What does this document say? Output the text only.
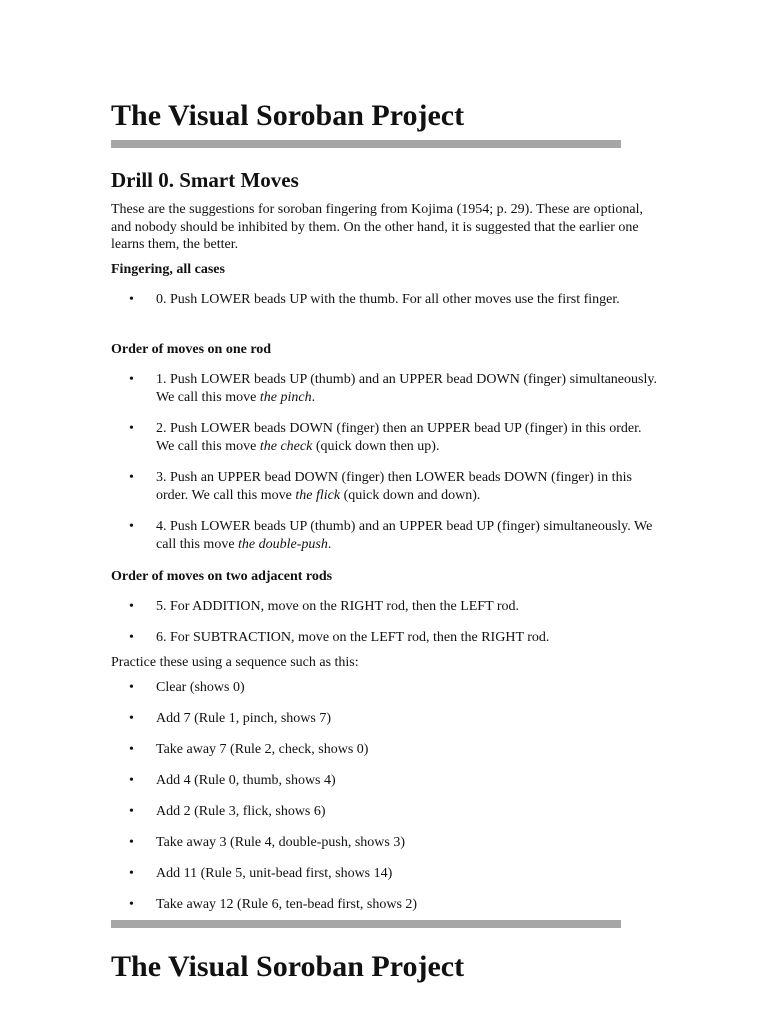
The Visual Soroban Project
Drill 0. Smart Moves

These are the suggestions for soroban fingering from Kojima (1954; p. 29). These are optional, and nobody should be inhibited by them. On the other hand, it is suggested that the earlier one learns them, the better.

Fingering, all cases
•	0. Push LOWER beads UP with the thumb. For all other moves use the first finger.
Order of moves on one rod
•	1. Push LOWER beads UP (thumb) and an UPPER bead DOWN (finger) simultaneously. We call this move the pinch.
•	2. Push LOWER beads DOWN (finger) then an UPPER bead UP (finger) in this order. We call this move the check (quick down then up).
•	3. Push an UPPER bead DOWN (finger) then LOWER beads DOWN (finger) in this order. We call this move the flick (quick down and down).
•	4. Push LOWER beads UP (thumb) and an UPPER bead UP (finger) simultaneously. We call this move the double-push.
Order of moves on two adjacent rods
•	5. For ADDITION, move on the RIGHT rod, then the LEFT rod.
•	6. For SUBTRACTION, move on the LEFT rod, then the RIGHT rod.

Practice these using a sequence such as this:

•	Clear (shows 0)
•	Add 7 (Rule 1, pinch, shows 7)
•	Take away 7 (Rule 2, check, shows 0)
•	Add 4 (Rule 0, thumb, shows 4)
•	Add 2 (Rule 3, flick, shows 6)
•	Take away 3 (Rule 4, double-push, shows 3)
•	Add 11 (Rule 5, unit-bead first, shows 14)
•	Take away 12 (Rule 6, ten-bead first, shows 2)
The Visual Soroban Project
